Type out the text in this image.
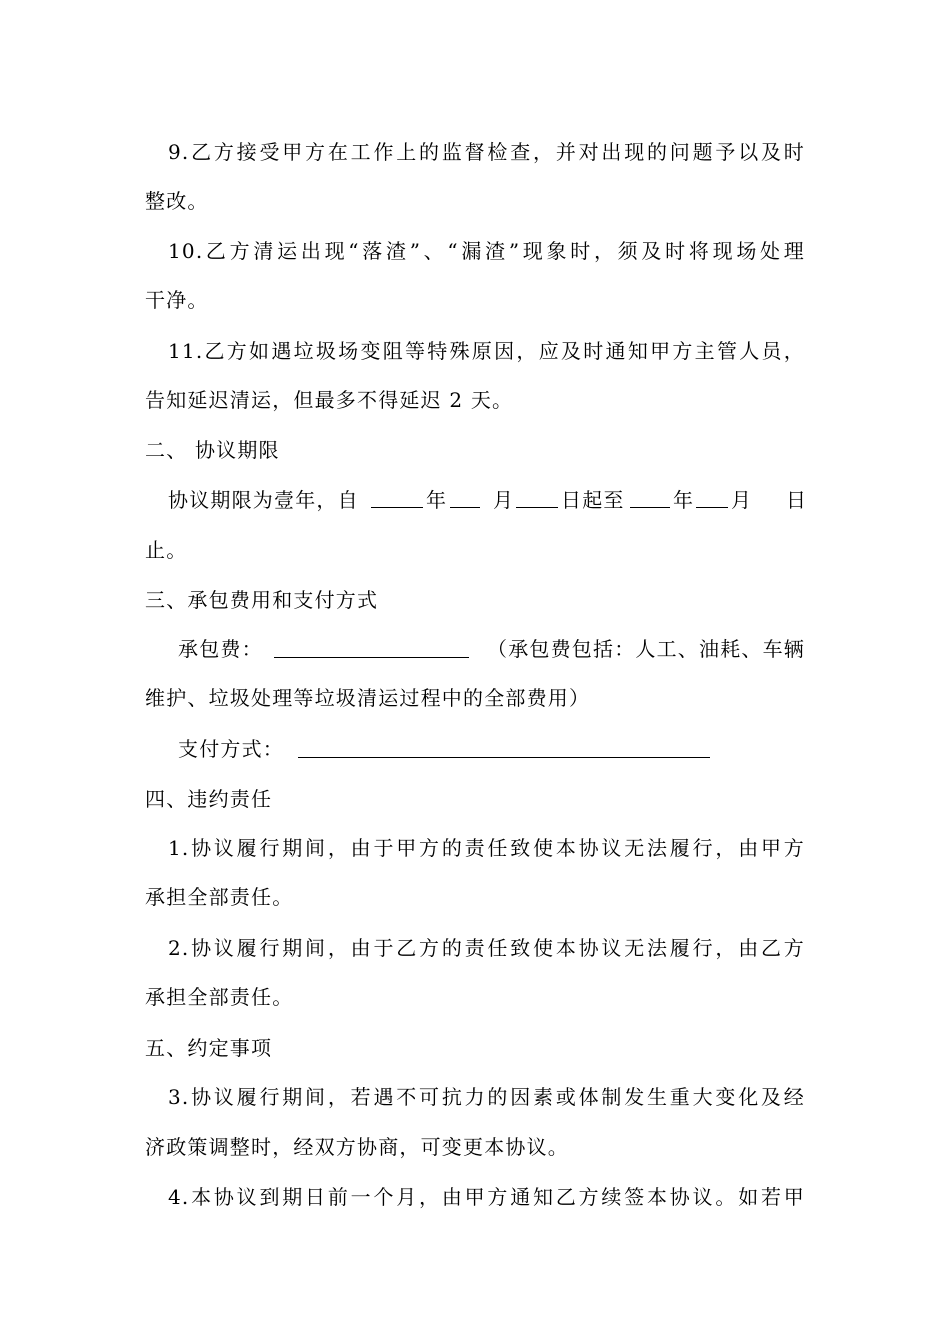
9.乙方接受甲方在工作上的监督检查，并对出现的问题予以及时
整改。
10.乙方清运出现“落渣”、“漏渣”现象时，须及时将现场处理
干净。
11.乙方如遇垃圾场变阻等特殊原因，应及时通知甲方主管人员，
告知延迟清运，但最多不得延迟 2 天。
二、 协议期限
协议期限为壹年，自	年 月 日起至 年 月 日
止。
三、承包费用和支付方式
承包费：	（承包费包括：人工、油耗、车辆
维护、垃圾处理等垃圾清运过程中的全部费用）
支付方式：
四、违约责任
1.协议履行期间，由于甲方的责任致使本协议无法履行，由甲方
承担全部责任。
2.协议履行期间，由于乙方的责任致使本协议无法履行，由乙方
承担全部责任。
五、约定事项
3.协议履行期间，若遇不可抗力的因素或体制发生重大变化及经
济政策调整时，经双方协商，可变更本协议。
4.本协议到期日前一个月，由甲方通知乙方续签本协议。如若甲
